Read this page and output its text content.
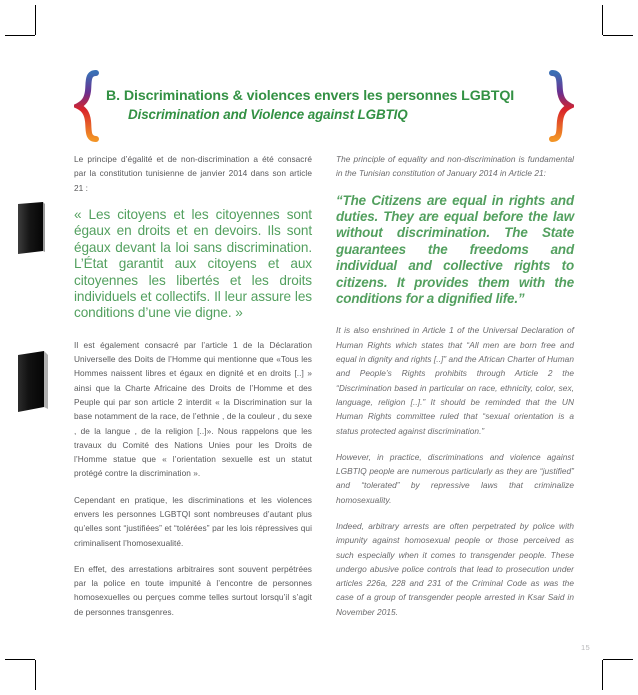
B. Discriminations & violences envers les personnes LGBTQI
Discrimination and Violence against LGBTIQ

Le principe d’égalité et de non-discrimination a été consacré par la constitution tunisienne de janvier 2014 dans son article 21 :

« Les citoyens et les citoyennes sont égaux en droits et en devoirs. Ils sont égaux devant la loi sans discrimination. L’État garantit aux citoyens et aux citoyennes les libertés et les droits individuels et collectifs. Il leur assure les conditions d’une vie digne. »

Il est également consacré par l’article 1 de la Déclaration Universelle des Doits de l’Homme qui mentionne que «Tous les Hommes naissent libres et égaux en dignité et en droits [..] » ainsi que la Charte Africaine des Droits de l’Homme et des Peuple qui par son article 2 interdit « la Discrimination sur la base notamment de la race, de l’ethnie , de la couleur , du sexe , de la langue , de la religion [..]». Nous rappelons que les travaux du Comité des Nations Unies pour les Droits de l’Homme statue que « l’orientation sexuelle est un statut protégé contre la discrimination ».

Cependant en pratique, les discriminations et les violences envers les personnes LGBTQI sont nombreuses d’autant plus qu’elles sont “justifiées” et “tolérées” par les lois répressives qui criminalisent l’homosexualité.

En effet, des arrestations arbitraires sont souvent perpétrées par la police en toute impunité à l’encontre de personnes homosexuelles ou perçues comme telles surtout lorsqu’il s’agit de personnes transgenres.

The principle of equality and non-discrimination is fundamental in the Tunisian constitution of January 2014 in Article 21:

“The Citizens are equal in rights and duties. They are equal before the law without discrimination. The State guarantees the freedoms and individual and collective rights to citizens. It provides them with the conditions for a dignified life.”

It is also enshrined in Article 1 of the Universal Declaration of Human Rights which states that “All men are born free and equal in dignity and rights [..]” and the African Charter of Human and People’s Rights prohibits through Article 2 the “Discrimination based in particular on race, ethnicity, color, sex, language, religion [..].” It should be reminded that the UN Human Rights committee ruled that “sexual orientation is a status protected against discrimination.”

However, in practice, discriminations and violence against LGBTIQ people are numerous particularly as they are “justified” and “tolerated” by repressive laws that criminalize homosexuality.

Indeed, arbitrary arrests are often perpetrated by police with impunity against homosexual people or those perceived as such especially when it comes to transgender people. These undergo abusive police controls that lead to prosecution under articles 226a, 228 and 231 of the Criminal Code as was the case of a group of transgender people arrested in Ksar Said in November 2015.

15
